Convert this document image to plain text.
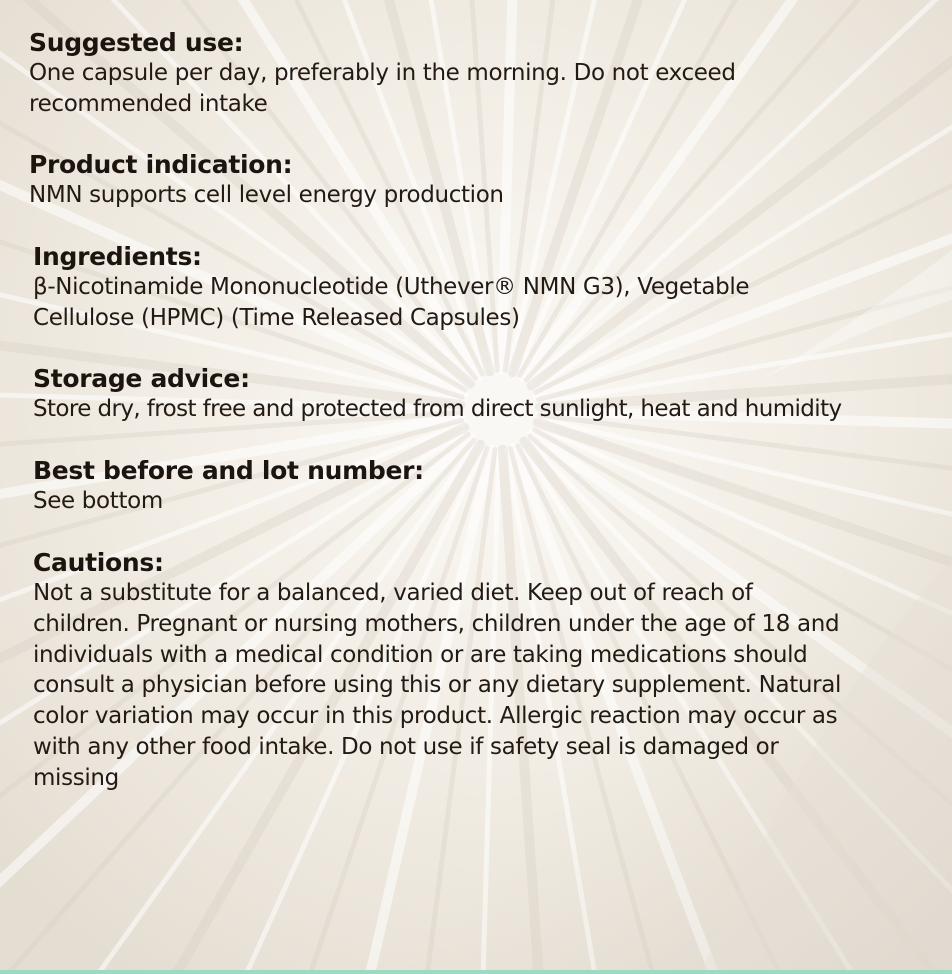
Suggested use:

One capsule per day, preferably in the morning. Do not exceed
recommended intake

Product indication:

NMN supports cell level energy production

Ingredients:

β-Nicotinamide Mononucleotide (Uthever® NMN G3), Vegetable
Cellulose (HPMC) (Time Released Capsules)

Storage advice:

Store dry, frost free and protected from direct sunlight, heat and humidity

Best before and lot number:

See bottom

Cautions:

Not a substitute for a balanced, varied diet. Keep out of reach of
children. Pregnant or nursing mothers, children under the age of 18 and
individuals with a medical condition or are taking medications should
consult a physician before using this or any dietary supplement. Natural
color variation may occur in this product. Allergic reaction may occur as
with any other food intake. Do not use if safety seal is damaged or
missing
